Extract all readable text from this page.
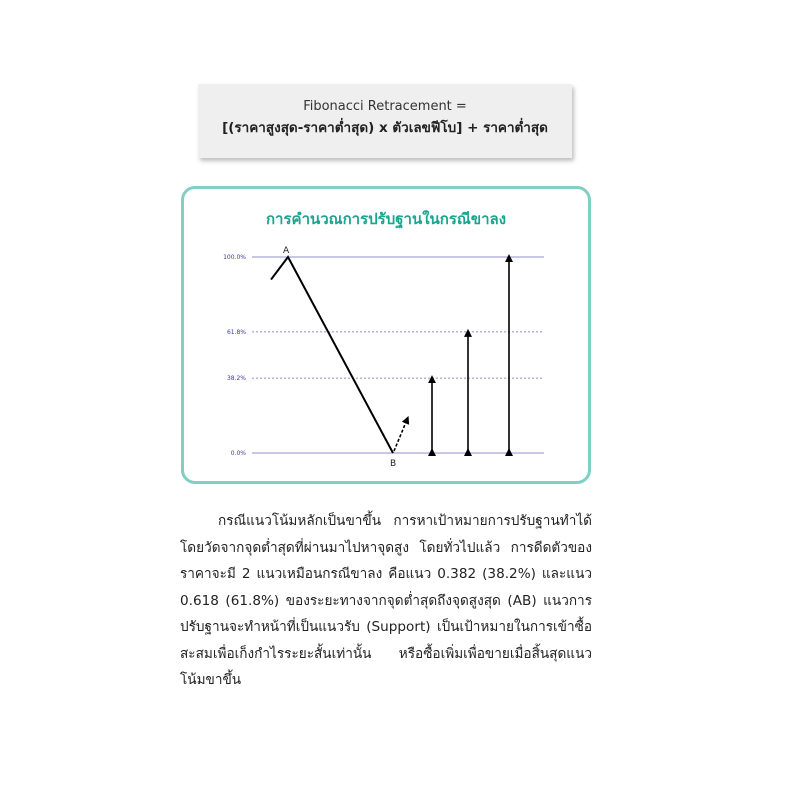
Fibonacci Retracement =
[(ราคาสูงสุด-ราคาต่ำสุด) x ตัวเลขฟีโบ] + ราคาต่ำสุด
การคำนวณการปรับฐานในกรณีขาลง
100.0%
61.8%
38.2%
0.0%
A
B

กรณีแนวโน้มหลักเป็นขาขึ้น การหาเป้าหมายการปรับฐานทำได้โดยวัดจากจุดต่ำสุดที่ผ่านมาไปหาจุดสูง โดยทั่วไปแล้ว การดีดตัวของราคาจะมี 2 แนวเหมือนกรณีขาลง คือแนว 0.382 (38.2%) และแนว 0.618 (61.8%) ของระยะทางจากจุดต่ำสุดถึงจุดสูงสุด (AB) แนวการปรับฐานจะทำหน้าที่เป็นแนวรับ (Support) เป็นเป้าหมายในการเข้าซื้อสะสมเพื่อเก็งกำไรระยะสั้นเท่านั้น หรือซื้อเพิ่มเพื่อขายเมื่อสิ้นสุดแนวโน้มขาขึ้น
